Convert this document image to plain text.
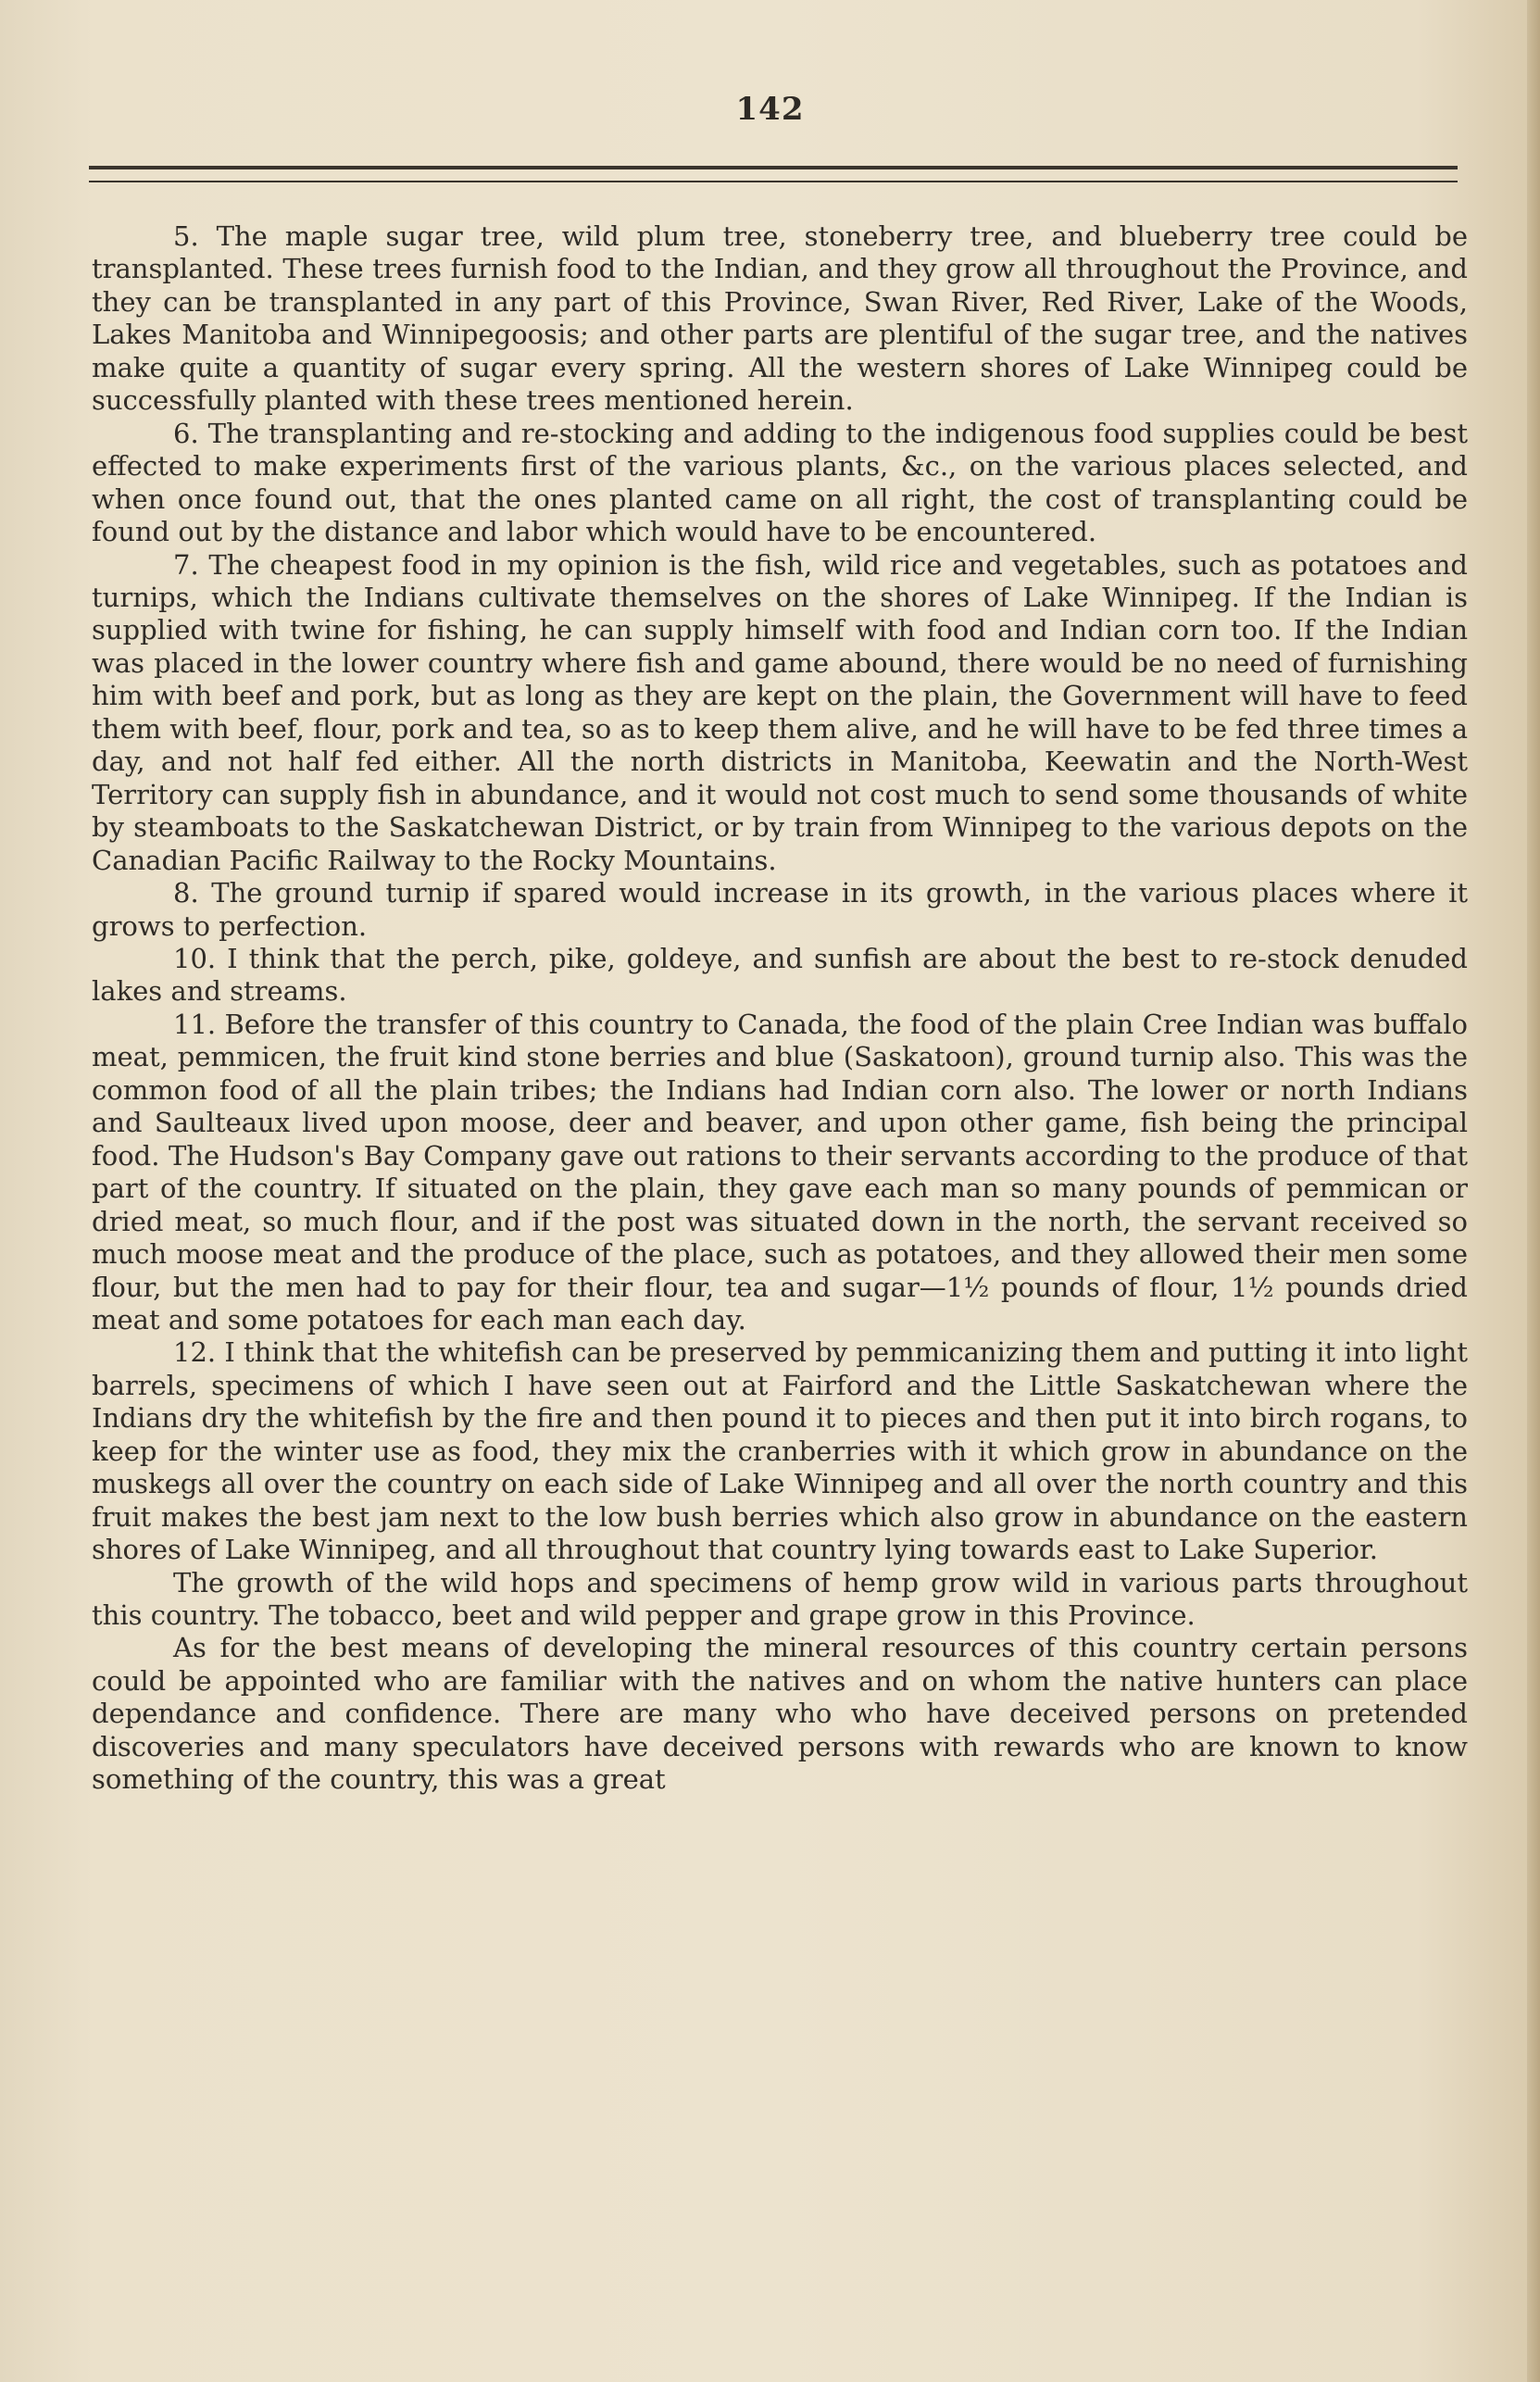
142

5. The maple sugar tree, wild plum tree, stoneberry tree, and blueberry tree could be transplanted. These trees furnish food to the Indian, and they grow all throughout the Province, and they can be transplanted in any part of this Province, Swan River, Red River, Lake of the Woods, Lakes Manitoba and Winnipegoosis; and other parts are plentiful of the sugar tree, and the natives make quite a quantity of sugar every spring. All the western shores of Lake Winnipeg could be successfully planted with these trees mentioned herein.

6. The transplanting and re-stocking and adding to the indigenous food supplies could be best effected to make experiments first of the various plants, &c., on the various places selected, and when once found out, that the ones planted came on all right, the cost of transplanting could be found out by the distance and labor which would have to be encountered.

7. The cheapest food in my opinion is the fish, wild rice and vegetables, such as potatoes and turnips, which the Indians cultivate themselves on the shores of Lake Winnipeg. If the Indian is supplied with twine for fishing, he can supply himself with food and Indian corn too. If the Indian was placed in the lower country where fish and game abound, there would be no need of furnishing him with beef and pork, but as long as they are kept on the plain, the Government will have to feed them with beef, flour, pork and tea, so as to keep them alive, and he will have to be fed three times a day, and not half fed either. All the north districts in Manitoba, Keewatin and the North-West Territory can supply fish in abundance, and it would not cost much to send some thousands of white by steamboats to the Saskatchewan District, or by train from Winnipeg to the various depots on the Canadian Pacific Railway to the Rocky Mountains.

8. The ground turnip if spared would increase in its growth, in the various places where it grows to perfection.

10. I think that the perch, pike, goldeye, and sunfish are about the best to re-stock denuded lakes and streams.

11. Before the transfer of this country to Canada, the food of the plain Cree Indian was buffalo meat, pemmicen, the fruit kind stone berries and blue (Saskatoon), ground turnip also. This was the common food of all the plain tribes; the Indians had Indian corn also. The lower or north Indians and Saulteaux lived upon moose, deer and beaver, and upon other game, fish being the principal food. The Hudson's Bay Company gave out rations to their servants according to the produce of that part of the country. If situated on the plain, they gave each man so many pounds of pemmican or dried meat, so much flour, and if the post was situated down in the north, the servant received so much moose meat and the produce of the place, such as potatoes, and they allowed their men some flour, but the men had to pay for their flour, tea and sugar—1½ pounds of flour, 1½ pounds dried meat and some potatoes for each man each day.

12. I think that the whitefish can be preserved by pemmicanizing them and putting it into light barrels, specimens of which I have seen out at Fairford and the Little Saskatchewan where the Indians dry the whitefish by the fire and then pound it to pieces and then put it into birch rogans, to keep for the winter use as food, they mix the cranberries with it which grow in abundance on the muskegs all over the country on each side of Lake Winnipeg and all over the north country and this fruit makes the best jam next to the low bush berries which also grow in abundance on the eastern shores of Lake Winnipeg, and all throughout that country lying towards east to Lake Superior.

The growth of the wild hops and specimens of hemp grow wild in various parts throughout this country. The tobacco, beet and wild pepper and grape grow in this Province.

As for the best means of developing the mineral resources of this country certain persons could be appointed who are familiar with the natives and on whom the native hunters can place dependance and confidence. There are many who who have deceived persons on pretended discoveries and many speculators have deceived persons with rewards who are known to know something of the country, this was a great
